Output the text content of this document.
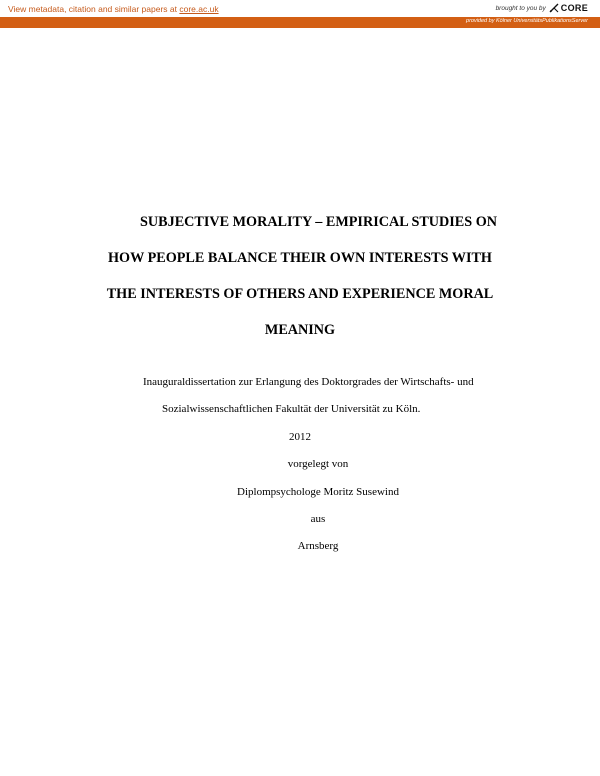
View metadata, citation and similar papers at core.ac.uk	brought to you by CORE
provided by Kölner UniversitätsPublikationsServer
SUBJECTIVE MORALITY – EMPIRICAL STUDIES ON
HOW PEOPLE BALANCE THEIR OWN INTERESTS WITH
THE INTERESTS OF OTHERS AND EXPERIENCE MORAL
MEANING
Inauguraldissertation zur Erlangung des Doktorgrades der Wirtschafts- und
Sozialwissenschaftlichen Fakultät der Universität zu Köln.
2012
vorgelegt von
Diplompsychologe Moritz Susewind
aus
Arnsberg
